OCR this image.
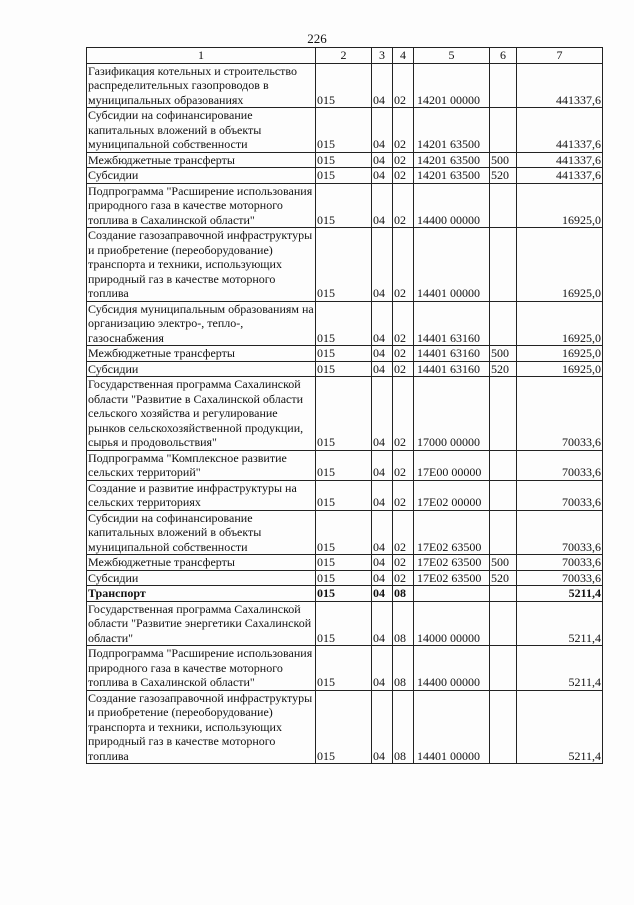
226
1	2	3	4	5	6	7
Газификация котельных и строительство распределительных газопроводов в муниципальных образованиях	015	04	02	14201 00000		441337,6
Субсидии на софинансирование капитальных вложений в объекты муниципальной собственности	015	04	02	14201 63500		441337,6
Межбюджетные трансферты	015	04	02	14201 63500	500	441337,6
Субсидии	015	04	02	14201 63500	520	441337,6
Подпрограмма "Расширение использования природного газа в качестве моторного топлива в Сахалинской области"	015	04	02	14400 00000		16925,0
Создание газозаправочной инфраструктуры и приобретение (переоборудование) транспорта и техники, использующих природный газ в качестве моторного топлива	015	04	02	14401 00000		16925,0
Субсидия муниципальным образованиям на организацию электро-, тепло-, газоснабжения	015	04	02	14401 63160		16925,0
Межбюджетные трансферты	015	04	02	14401 63160	500	16925,0
Субсидии	015	04	02	14401 63160	520	16925,0
Государственная программа Сахалинской области "Развитие в Сахалинской области сельского хозяйства и регулирование рынков сельскохозяйственной продукции, сырья и продовольствия"	015	04	02	17000 00000		70033,6
Подпрограмма "Комплексное развитие сельских территорий"	015	04	02	17Е00 00000		70033,6
Создание и развитие инфраструктуры на сельских территориях	015	04	02	17Е02 00000		70033,6
Субсидии на софинансирование капитальных вложений в объекты муниципальной собственности	015	04	02	17Е02 63500		70033,6
Межбюджетные трансферты	015	04	02	17Е02 63500	500	70033,6
Субсидии	015	04	02	17Е02 63500	520	70033,6
Транспорт	015	04	08			5211,4
Государственная программа Сахалинской области "Развитие энергетики Сахалинской области"	015	04	08	14000 00000		5211,4
Подпрограмма "Расширение использования природного газа в качестве моторного топлива в Сахалинской области"	015	04	08	14400 00000		5211,4
Создание газозаправочной инфраструктуры и приобретение (переоборудование) транспорта и техники, использующих природный газ в качестве моторного топлива	015	04	08	14401 00000		5211,4
